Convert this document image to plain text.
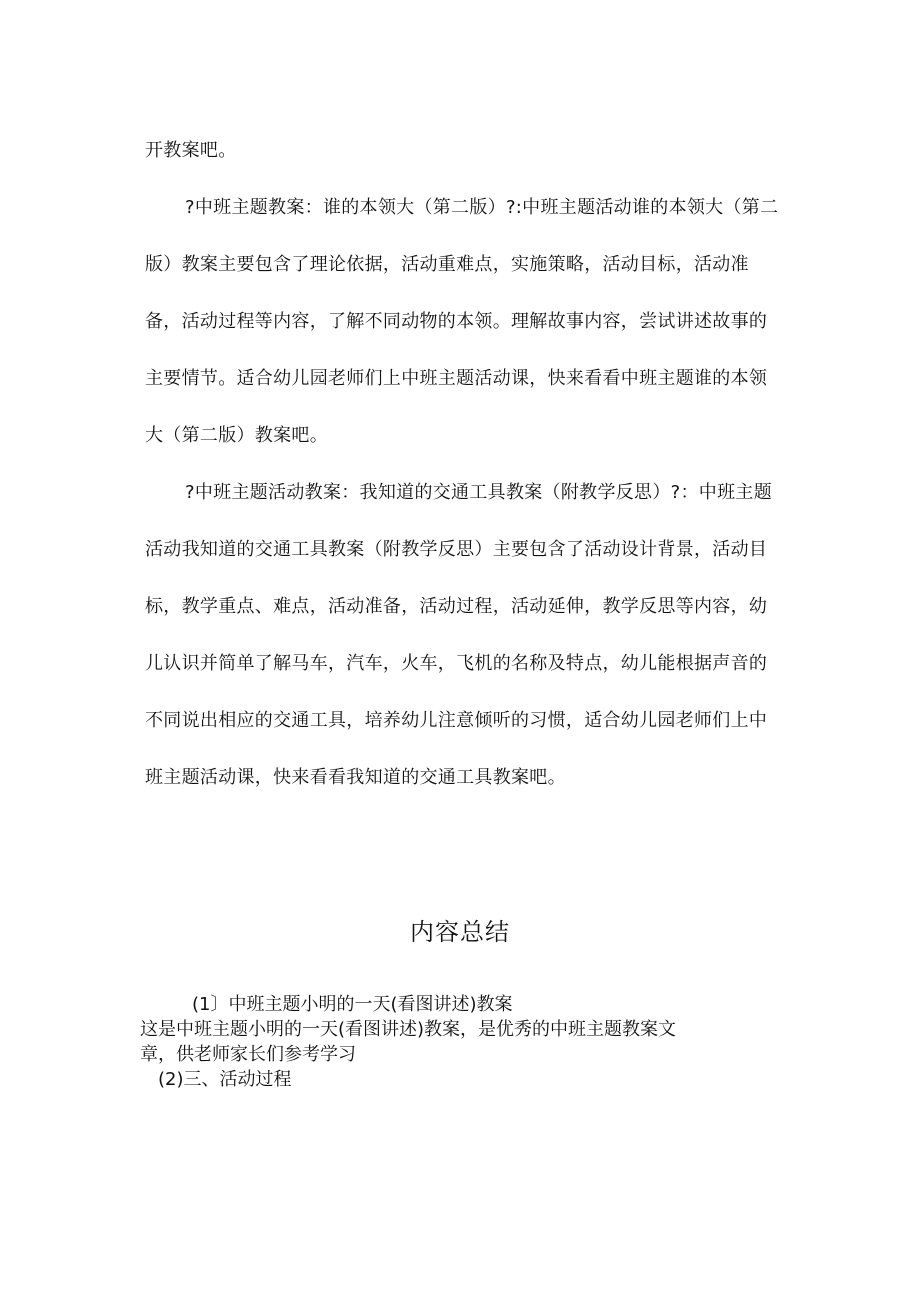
开教案吧。

?中班主题教案：谁的本领大（第二版）?:中班主题活动谁的本领大（第二版）教案主要包含了理论依据，活动重难点，实施策略，活动目标，活动准备，活动过程等内容，了解不同动物的本领。理解故事内容，尝试讲述故事的主要情节。适合幼儿园老师们上中班主题活动课，快来看看中班主题谁的本领大（第二版）教案吧。

?中班主题活动教案：我知道的交通工具教案（附教学反思）?：中班主题活动我知道的交通工具教案（附教学反思）主要包含了活动设计背景，活动目标，教学重点、难点，活动准备，活动过程，活动延伸，教学反思等内容，幼儿认识并简单了解马车，汽车，火车，飞机的名称及特点，幼儿能根据声音的不同说出相应的交通工具，培养幼儿注意倾听的习惯，适合幼儿园老师们上中班主题活动课，快来看看我知道的交通工具教案吧。

内容总结
(1〕中班主题小明的一天(看图讲述)教案
这是中班主题小明的一天(看图讲述)教案，是优秀的中班主题教案文
章，供老师家长们参考学习
(2)三、活动过程
